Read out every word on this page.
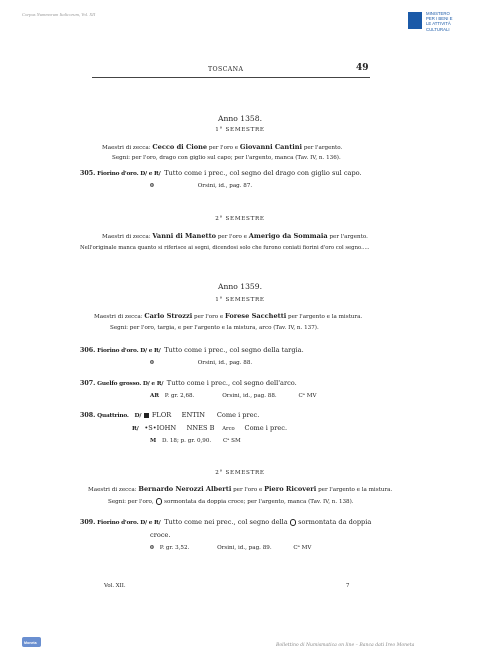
Corpus Nummorum Italicorum, Vol. XII	MINISTERO
PER I BENI E
LE ATTIVITÀ
CULTURALI
TOSCANA	49
Anno 1358.
1° SEMESTRE
Maestri di zecca: Cecco di Cione per l'oro e Giovanni Cantini per l'argento.
Segni: per l'oro, drago con giglio sul capo; per l'argento, manca (Tav. IV, n. 136).
305. Fiorino d'oro. D/ e R/ Tutto come i prec., col segno del drago con giglio sul capo.
0	Orsini, id., pag. 87.
2° SEMESTRE
Maestri di zecca: Vanni di Manetto per l'oro e Amerigo da Sommaia per l'argento.
Nell'originale manca quanto si riferisce ai segni, dicendosi solo che furono coniati fiorini d'oro col segno.....
Anno 1359.
1° SEMESTRE
Maestri di zecca: Carlo Strozzi per l'oro e Forese Sacchetti per l'argento e la mistura.
Segni: per l'oro, targia, e per l'argento e la mistura, arco (Tav. IV, n. 137).
306. Fiorino d'oro. D/ e R/ Tutto come i prec., col segno della targia.
0	Orsini, id., pag. 88.
307. Guelfo grosso. D/ e R/ Tutto come i prec., col segno dell'arco.
AR P. gr. 2,68.	Orsini, id., pag. 88.	Cᵃ MV
308. Quattrino. D/ FLOR     ENTIN Come i prec.
R/ •S•IOHN     NNES B Arco Come i prec.
M D. 18; p. gr. 0,90. Cᵃ SM
2° SEMESTRE
Maestri di zecca: Bernardo Nerozzi Alberti per l'oro e Piero Ricoveri per l'argento e la mistura.
Segni: per l'oro, sormontata da doppia croce; per l'argento, manca (Tav. IV, n. 138).
309. Fiorino d'oro. D/ e R/ Tutto come nei prec., col segno della sormontata da doppia
croce.
0 P. gr. 3,52.	Orsini, id., pag. 89.	Cᵃ MV
Vol. XII.	7
Moneta	Bollettino di Numismatica on line – Banca dati Ireo Moneta
